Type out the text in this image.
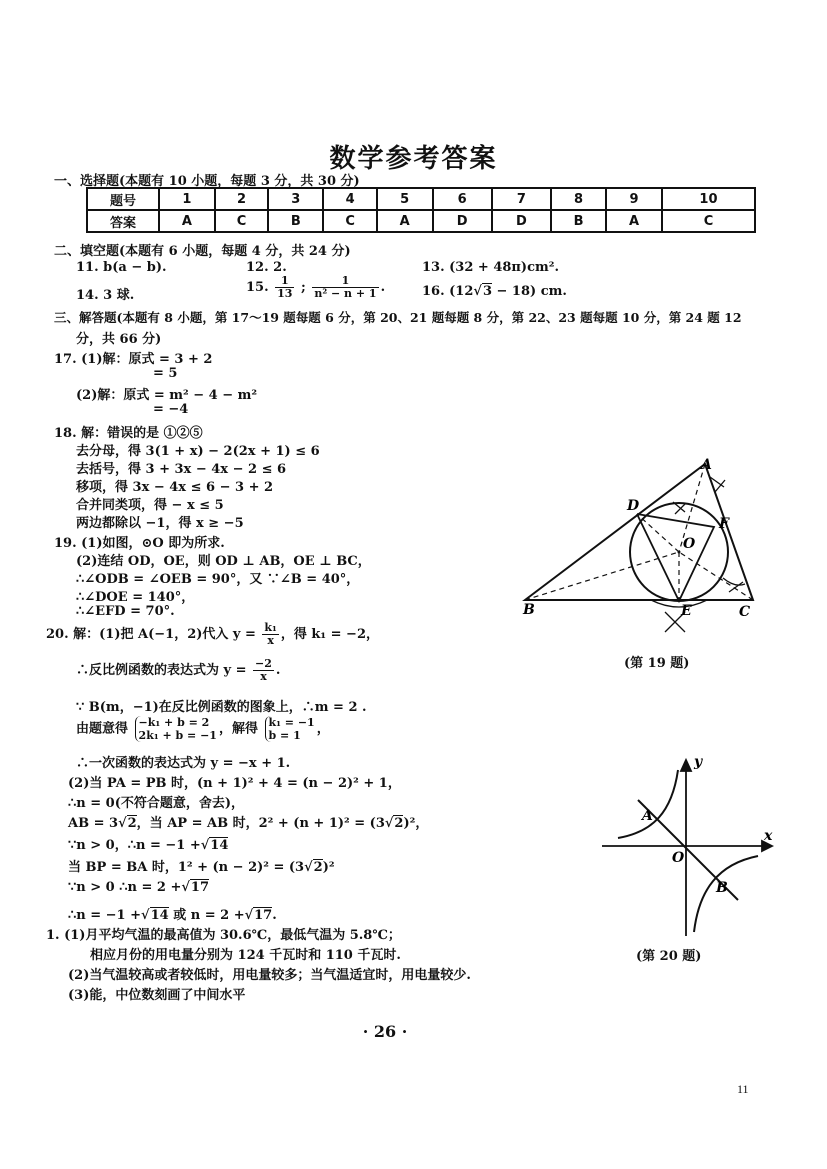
数学参考答案
一、选择题(本题有 10 小题，每题 3 分，共 30 分)
题号	1	2	3	4	5	6	7	8	9	10
答案	A	C	B	C	A	D	D	B	A	C
二、填空题(本题有 6 小题，每题 4 分，共 24 分)
11. b(a − b).	12. 2.	13. (32 + 48π)cm².
14. 3 球.
15. $\frac{1}{13}$ ; $\frac{1}{\text{n² − n + 1}}$ .	16. (12√3 − 18) cm.
三、解答题(本题有 8 小题，第 17～19 题每题 6 分，第 20、21 题每题 8 分，第 22、23 题每题 10 分，第 24 题 12
分，共 66 分)
17. (1)解：原式 = 3 + 2
= 5
(2)解：原式 = m² − 4 − m²
= −4
18. 解：错误的是 ①②⑤
去分母，得 3(1 + x) − 2(2x + 1) ≤ 6
去括号，得 3 + 3x − 4x − 2 ≤ 6
移项，得 3x − 4x ≤ 6 − 3 + 2
合并同类项，得 − x ≤ 5
两边都除以 −1，得 x ≥ −5
19. (1)如图，⊙O 即为所求.
(2)连结 OD，OE，则 OD ⊥ AB，OE ⊥ BC，
∴∠ODB = ∠OEB = 90°，又 ∵∠B = 40°，
∴∠DOE = 140°，
∴∠EFD = 70°.
A
B	C
D
E
F
O
(第 19 题)
20. 解：(1)把 A(−1，2)代入 $y = \frac{\text{k₁}}{x}$ ，得 k₁ = −2，
∴反比例函数的表达式为 $y = \frac{-2}{x}$ .
∵ B(m，−1)在反比例函数的图象上，∴m = 2 .
由题意得 −k₁ + b = 2
2k₁ + b = −1 ，解得 k₁ = −1
b = 1 ，
∴一次函数的表达式为 y = −x + 1.
(2)当 PA = PB 时，(n + 1)² + 4 = (n − 2)² + 1，
∴n = 0(不符合题意，舍去)，
AB = 3√2，当 AP = AB 时，2² + (n + 1)² = (3√2)²，
∵n > 0，∴n = −1 +√14
当 BP = BA 时，1² + (n − 2)² = (3√2)²
∵n > 0 ∴n = 2 +√17
∴n = −1 +√14 或 n = 2 +√17.
A
B
O
x
y
(第 20 题)
1. (1)月平均气温的最高值为 30.6℃，最低气温为 5.8℃；
相应月份的用电量分别为 124 千瓦时和 110 千瓦时.
(2)当气温较高或者较低时，用电量较多；当气温适宜时，用电量较少.
(3)能，中位数刻画了中间水平
· 26 ·
11
